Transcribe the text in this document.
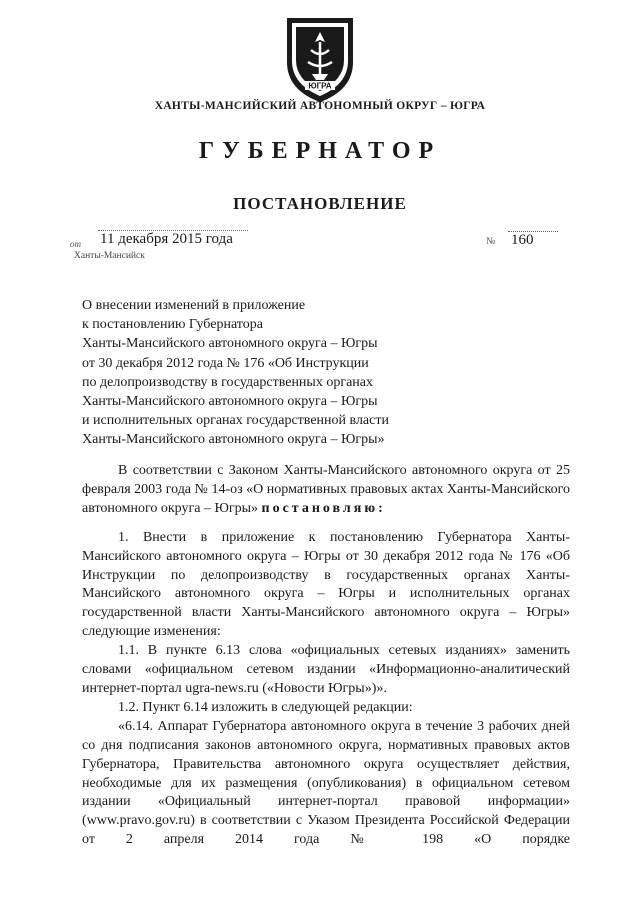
ЮГРА
ХАНТЫ-МАНСИЙСКИЙ АВТОНОМНЫЙ ОКРУГ – ЮГРА
ГУБЕРНАТОР
ПОСТАНОВЛЕНИЕ
от 11 декабря 2015 года
Ханты-Мансийск
№ 160
О внесении изменений в приложение
к постановлению Губернатора
Ханты-Мансийского автономного округа – Югры
от 30 декабря 2012 года № 176 «Об Инструкции
по делопроизводству в государственных органах
Ханты-Мансийского автономного округа – Югры
и исполнительных органах государственной власти
Ханты-Мансийского автономного округа – Югры»

В соответствии с Законом Ханты-Мансийского автономного округа от 25 февраля 2003 года № 14-оз «О нормативных правовых актах Ханты-Мансийского автономного округа – Югры» постановляю:

1. Внести в приложение к постановлению Губернатора Ханты-Мансийского автономного округа – Югры от 30 декабря 2012 года № 176 «Об Инструкции по делопроизводству в государственных органах Ханты-Мансийского автономного округа – Югры и исполнительных органах государственной власти Ханты-Мансийского автономного округа – Югры» следующие изменения:

1.1. В пункте 6.13 слова «официальных сетевых изданиях» заменить словами «официальном сетевом издании «Информационно-аналитический интернет-портал ugra-news.ru («Новости Югры»)».

1.2. Пункт 6.14 изложить в следующей редакции:

«6.14. Аппарат Губернатора автономного округа в течение 3 рабочих дней со дня подписания законов автономного округа, нормативных правовых актов Губернатора, Правительства автономного округа осуществляет действия, необходимые для их размещения (опубликования) в официальном сетевом издании «Официальный интернет-портал правовой информации» (www.pravo.gov.ru) в соответствии с Указом Президента Российской Федерации от 2 апреля 2014 года № 198 «О порядке
